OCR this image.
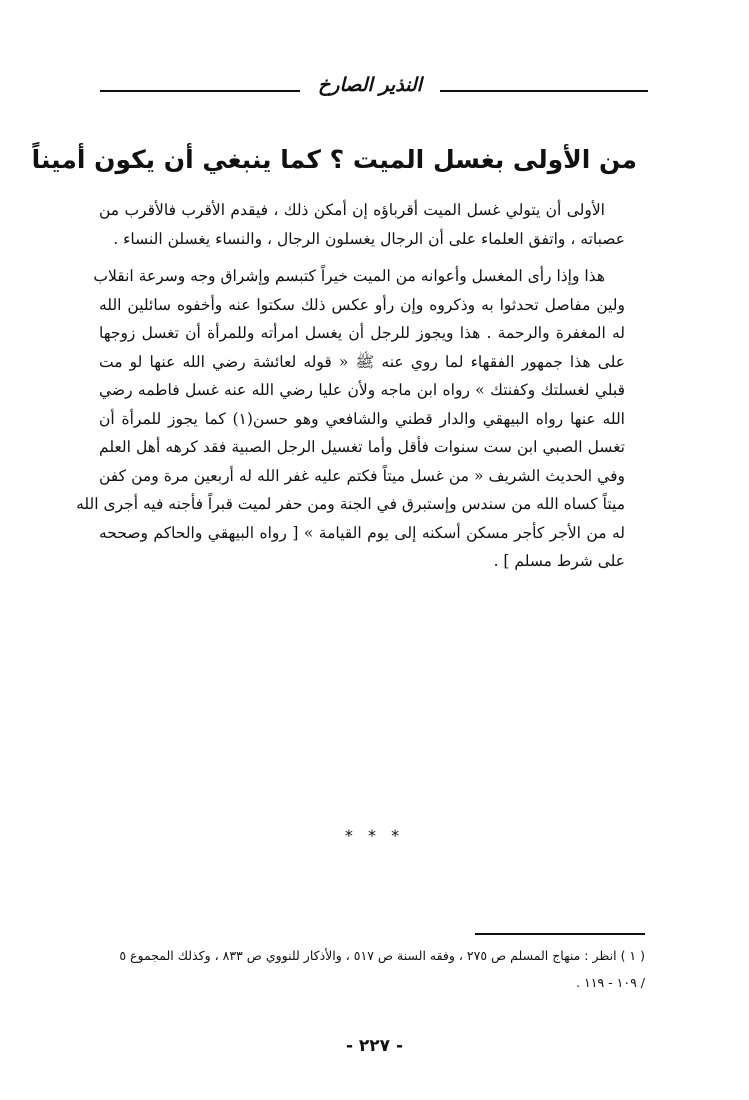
النذير الصارخ
من الأولى بغسل الميت ؟ كما ينبغي أن يكون أميناً

الأولى أن يتولي غسل الميت أقرباؤه إن أمكن ذلك ، فيقدم الأقرب فالأقرب من
عصباته ، واتفق العلماء على أن الرجال يغسلون الرجال ، والنساء يغسلن النساء .

هذا وإذا رأى المغسل وأعوانه من الميت خيراً كتبسم وإشراق وجه وسرعة انقلاب
ولين مفاصل تحدثوا به وذكروه وإن رأو عكس ذلك سكتوا عنه وأخفوه سائلين الله
له المغفرة والرحمة . هذا ويجوز للرجل أن يغسل امرأته وللمرأة أن تغسل زوجها
على هذا جمهور الفقهاء لما روي عنه ﷺ « قوله لعائشة رضي الله عنها لو مت
قبلي لغسلتك وكفنتك » رواه ابن ماجه ولأن عليا رضي الله عنه غسل فاطمه رضي
الله عنها رواه البيهقي والدار قطني والشافعي وهو حسن(١) كما يجوز للمرأة أن
تغسل الصبي ابن ست سنوات فأقل وأما تغسيل الرجل الصبية فقد كرهه أهل العلم
وفي الحديث الشريف « من غسل ميتاً فكتم عليه غفر الله له أربعين مرة ومن كفن
ميتاً كساه الله من سندس وإستبرق في الجنة ومن حفر لميت قبراً فأجنه فيه أجرى الله
له من الأجر كأجر مسكن أسكنه إلى يوم القيامة » [ رواه البيهقي والحاكم وصححه
على شرط مسلم ] .

* * *
( ١ ) انظر : منهاج المسلم ص ٢٧٥ ، وفقه السنة ص ٥١٧ ، والأذكار للنووي ص ٨٣٣ ، وكذلك المجموع ٥
/ ١٠٩ - ١١٩ .
- ٢٢٧ -
